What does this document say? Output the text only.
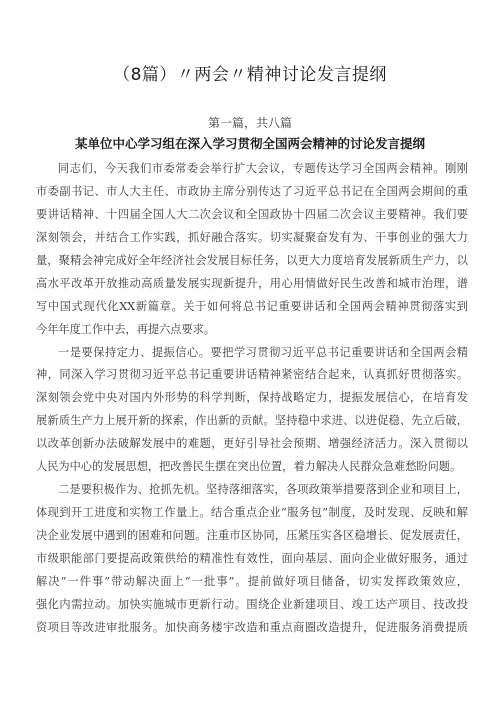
（8篇）〃两会〃精神讨论发言提纲
第一篇，共八篇
某单位中心学习组在深入学习贯彻全国两会精神的讨论发言提纲
同志们，今天我们市委常委会举行扩大会议，专题传达学习全国两会精神。刚刚
市委副书记、市人大主任、市政协主席分别传达了习近平总书记在全国两会期间的重
要讲话精神、十四届全国人大二次会议和全国政协十四届二次会议主要精神。我们要
深刻领会，并结合工作实践，抓好融合落实。切实凝聚奋发有为、干事创业的强大力
量，聚精会神完成好全年经济社会发展目标任务，以更大力度培育发展新质生产力，以
高水平改革开放推动高质量发展实现新提升，用心用情做好民生改善和城市治理，谱
写中国式现代化XX新篇章。关于如何将总书记重要讲话和全国两会精神贯彻落实到
今年年度工作中去，再提六点要求。
一是要保持定力、提振信心。要把学习贯彻习近平总书记重要讲话和全国两会精
神，同深入学习贯彻习近平总书记重要讲话精神紧密结合起来，认真抓好贯彻落实。
深刻领会党中央对国内外形势的科学判断，保持战略定力，提振发展信心，在培育发
展新质生产力上展开新的探索，作出新的贡献。坚持稳中求进、以进促稳、先立后破，
以改革创新办法破解发展中的难题，更好引导社会预期、增强经济活力。深入贯彻以
人民为中心的发展思想，把改善民生摆在突出位置，着力解决人民群众急难愁盼问题。
二是要积极作为、抢抓先机。坚持落细落实，各项政策举措要落到企业和项目上，
体现到开工进度和实物工作量上。结合重点企业“服务包”制度，及时发现、反映和解
决企业发展中遇到的困难和问题。注重市区协同，压紧压实各区稳增长、促发展责任，
市级职能部门要提高政策供给的精准性有效性，面向基层、面向企业做好服务，通过
解决“一件事”带动解决面上“一批事”。提前做好项目储备，切实发挥政策效应，
强化内需拉动。加快实施城市更新行动。围绕企业新建项目、竣工达产项目、技改投
资项目等改进审批服务。加快商务楼宇改造和重点商圈改造提升，促进服务消费提质
